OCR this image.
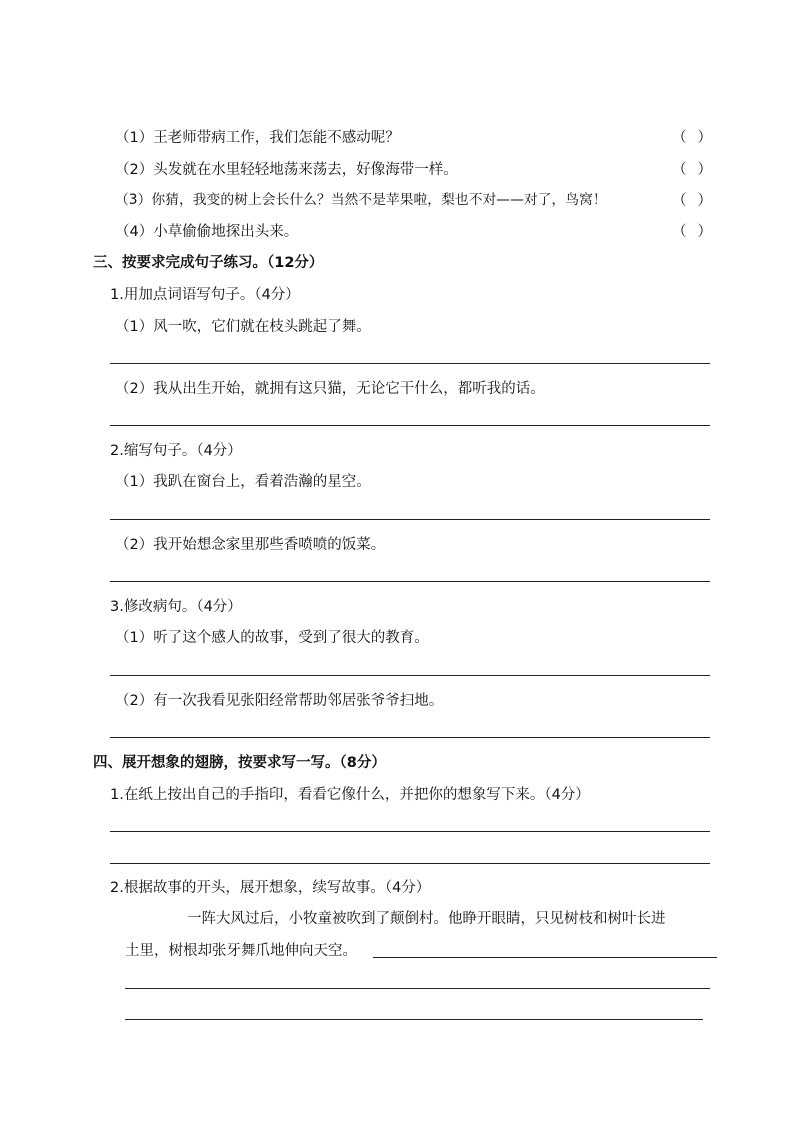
（1）王老师带病工作，我们怎能不感动呢？	（ ）
（2）头发就在水里轻轻地荡来荡去，好像海带一样。	（ ）
（3）你猜，我变的树上会长什么？当然不是苹果啦，梨也不对——对了，鸟窝！	（ ）
（4）小草偷偷地探出头来。	（ ）
三、按要求完成句子练习。（12分）
1.用加点词语写句子。（4分）
（1）风一吹，它们就在枝头跳起了舞。
（2）我从出生开始，就拥有这只猫，无论它干什么，都听我的话。
2.缩写句子。（4分）
（1）我趴在窗台上，看着浩瀚的星空。
（2）我开始想念家里那些香喷喷的饭菜。
3.修改病句。（4分）
（1）听了这个感人的故事，受到了很大的教育。
（2）有一次我看见张阳经常帮助邻居张爷爷扫地。
四、展开想象的翅膀，按要求写一写。（8分）
1.在纸上按出自己的手指印，看看它像什么，并把你的想象写下来。（4分）
2.根据故事的开头，展开想象，续写故事。（4分）
一阵大风过后，小牧童被吹到了颠倒村。他睁开眼睛，只见树枝和树叶长进
土里，树根却张牙舞爪地伸向天空。
